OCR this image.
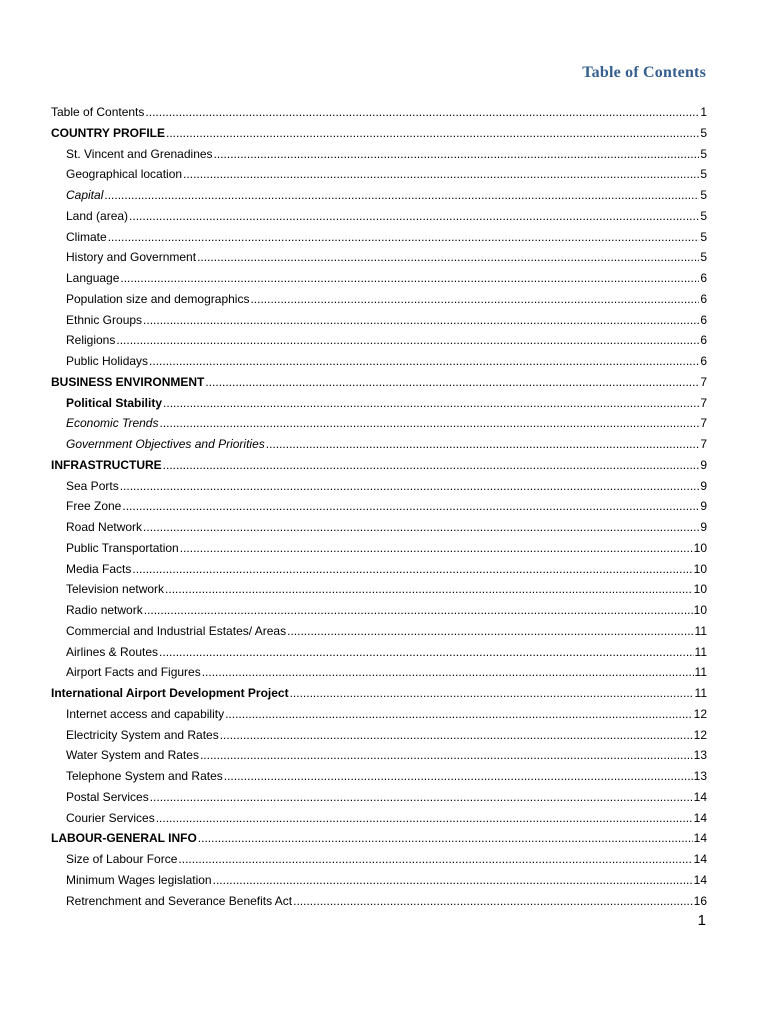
Table of Contents
Table of Contents .....	1
COUNTRY PROFILE .....	5
St. Vincent and Grenadines .....	5
Geographical location .....	5
Capital .....	5
Land (area) .....	5
Climate .....	5
History and Government .....	5
Language .....	6
Population size and demographics .....	6
Ethnic Groups .....	6
Religions .....	6
Public Holidays .....	6
BUSINESS ENVIRONMENT .....	7
Political Stability .....	7
Economic Trends .....	7
Government Objectives and Priorities .....	7
INFRASTRUCTURE .....	9
Sea Ports .....	9
Free Zone .....	9
Road Network .....	9
Public Transportation .....	10
Media Facts .....	10
Television network .....	10
Radio network .....	10
Commercial and Industrial Estates/ Areas .....	11
Airlines & Routes .....	11
Airport Facts and Figures .....	11
International Airport Development Project .....	11
Internet access and capability .....	12
Electricity System and Rates .....	12
Water System and Rates .....	13
Telephone System and Rates .....	13
Postal Services .....	14
Courier Services .....	14
LABOUR-GENERAL INFO .....	14
Size of Labour Force .....	14
Minimum Wages legislation .....	14
Retrenchment and Severance Benefits Act .....	16
1
